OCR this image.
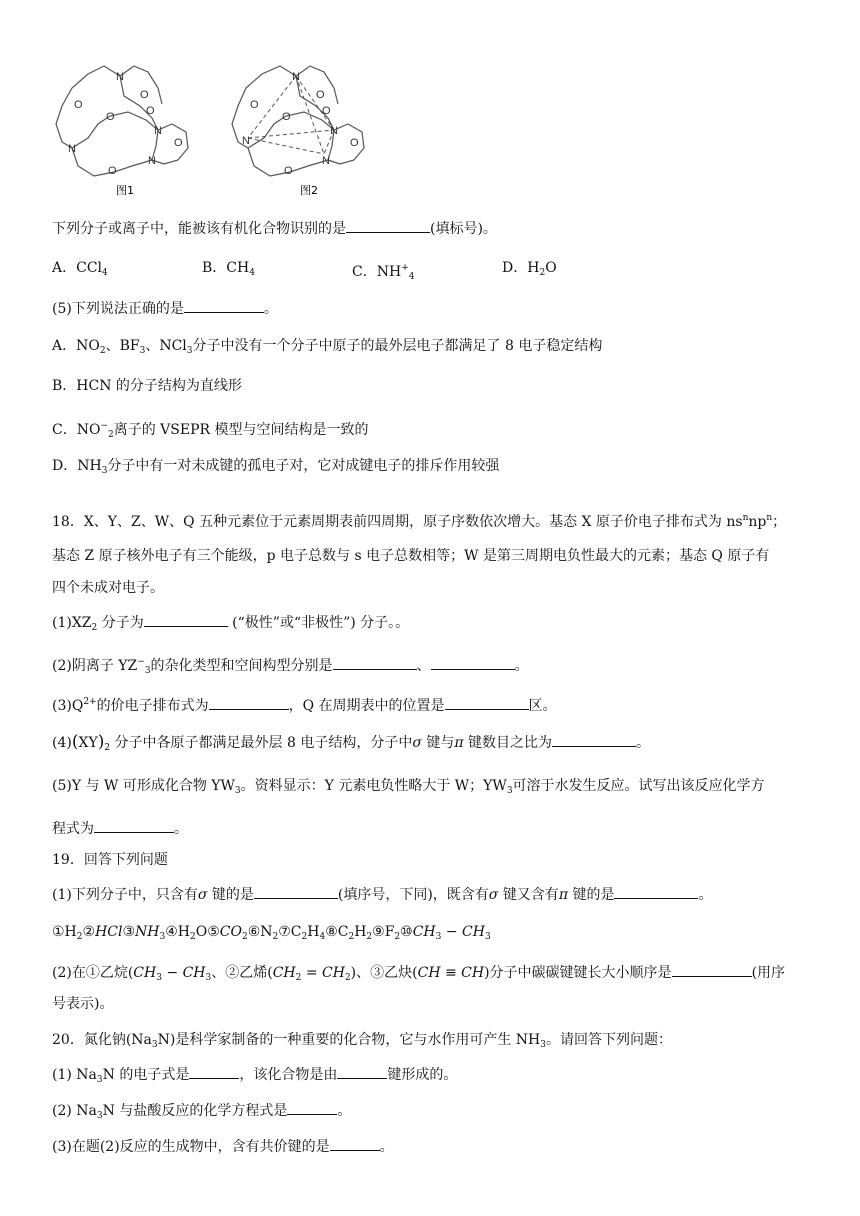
N
N
N
N
O
O
O
O
O
O
N
N
N
N
O
O
O
O
O
O
图1	图2
下列分子或离子中，能被该有机化合物识别的是	(填标号)。
A．CCl$_4$	B．$CH_4$	C．$NH^+_4$
D．$H_2O$
(5)下列说法正确的是	。
A．$NO_2$、$BF_3$、NCl$_3$分子中没有一个分子中原子的最外层电子都满足了 8 电子稳定结构
B．HCN 的分子结构为直线形
C．$NO^-_2$离子的 VSEPR 模型与空间结构是一致的
D．$NH_3$分子中有一对未成键的孤电子对，它对成键电子的排斥作用较强
18．X、Y、Z、W、Q 五种元素位于元素周期表前四周期，原子序数依次增大。基态 X 原子价电子排布式为 $ns^nnp^n$；
基态 Z 原子核外电子有三个能级，p 电子总数与 s 电子总数相等；W 是第三周期电负性最大的元素；基态 Q 原子有
四个未成对电子。
$(1)XZ_2$ 分子为	(“极性”或“非极性”) 分子。。
(2)阴离子 $YZ^-_3$的杂化类型和空间构型分别是	、	。
$(3)Q^{2+}$的价电子排布式为	，Q 在周期表中的位置是	区。
$(4)(XY)_2$ 分子中各原子都满足最外层 8 电子结构，分子中σ 键与π 键数目之比为	。
(5)Y 与 W 可形成化合物 $YW_3$。资料显示：Y 元素电负性略大于 W；$YW_3$可溶于水发生反应。试写出该反应化学方
程式为	。
19．回答下列问题
(1)下列分子中，只含有σ 键的是	(填序号，下同)，既含有σ 键又含有π 键的是	。
$①H_2②HCl③NH_3④H_2O⑤CO_2⑥N_2⑦C_2H_4⑧C_2H_2⑨F_2⑩CH_3 - CH_3$
(2)在①乙烷($CH_3 - CH_3$、②乙烯$(CH_2 = CH_2)$、③乙炔(CH ≡ CH)分子中碳碳键键长大小顺序是	(用序
号表示)。
20．氮化钠$(Na_3N)$是科学家制备的一种重要的化合物，它与水作用可产生 $NH_3$。请回答下列问题：
(1) $Na_3N$ 的电子式是	，该化合物是由	键形成的。
(2) $Na_3N$ 与盐酸反应的化学方程式是	。
(3)在题(2)反应的生成物中，含有共价键的是	。
